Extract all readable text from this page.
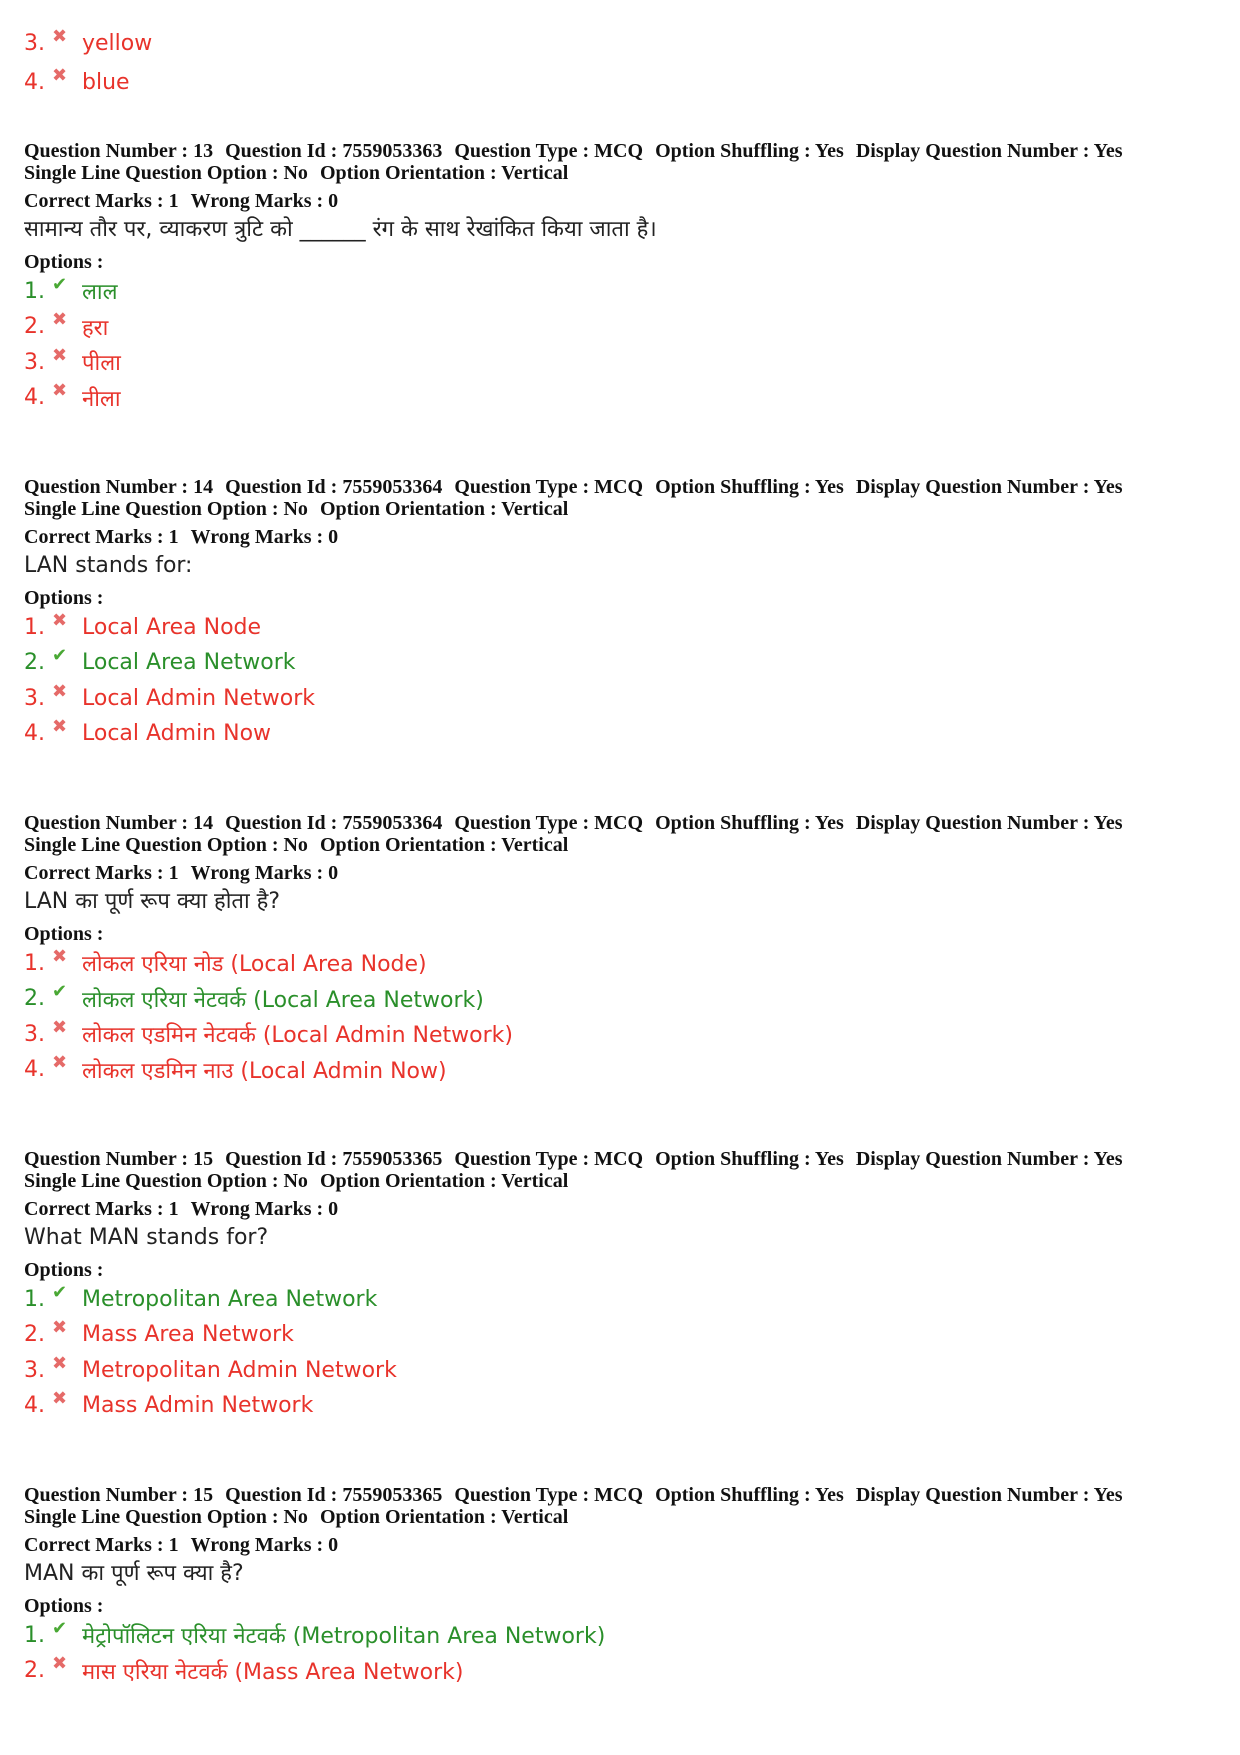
3. ✖ yellow
4. ✖ blue
Question Number : 13 Question Id : 7559053363 Question Type : MCQ Option Shuffling : Yes Display Question Number : Yes
Single Line Question Option : No Option Orientation : Vertical
Correct Marks : 1 Wrong Marks : 0
सामान्य तौर पर, व्याकरण त्रुटि को ______ रंग के साथ रेखांकित किया जाता है।
Options :
Question Number : 14 Question Id : 7559053364 Question Type : MCQ Option Shuffling : Yes Display Question Number : Yes
Single Line Question Option : No Option Orientation : Vertical
Correct Marks : 1 Wrong Marks : 0
LAN stands for:
Options :
Question Number : 14 Question Id : 7559053364 Question Type : MCQ Option Shuffling : Yes Display Question Number : Yes
Single Line Question Option : No Option Orientation : Vertical
Correct Marks : 1 Wrong Marks : 0
LAN का पूर्ण रूप क्या होता है?
Options :
Question Number : 15 Question Id : 7559053365 Question Type : MCQ Option Shuffling : Yes Display Question Number : Yes
Single Line Question Option : No Option Orientation : Vertical
Correct Marks : 1 Wrong Marks : 0
What MAN stands for?
Options :
Question Number : 15 Question Id : 7559053365 Question Type : MCQ Option Shuffling : Yes Display Question Number : Yes
Single Line Question Option : No Option Orientation : Vertical
Correct Marks : 1 Wrong Marks : 0
MAN का पूर्ण रूप क्या है?
Options :
1. ✔ लाल
2. ✖ हरा
3. ✖ पीला
4. ✖ नीला
1. ✖ Local Area Node
2. ✔ Local Area Network
3. ✖ Local Admin Network
4. ✖ Local Admin Now
1. ✖ लोकल एरिया नोड (Local Area Node)
2. ✔ लोकल एरिया नेटवर्क (Local Area Network)
3. ✖ लोकल एडमिन नेटवर्क (Local Admin Network)
4. ✖ लोकल एडमिन नाउ (Local Admin Now)
1. ✔ Metropolitan Area Network
2. ✖ Mass Area Network
3. ✖ Metropolitan Admin Network
4. ✖ Mass Admin Network
1. ✔ मेट्रोपॉलिटन एरिया नेटवर्क (Metropolitan Area Network)
2. ✖ मास एरिया नेटवर्क (Mass Area Network)
